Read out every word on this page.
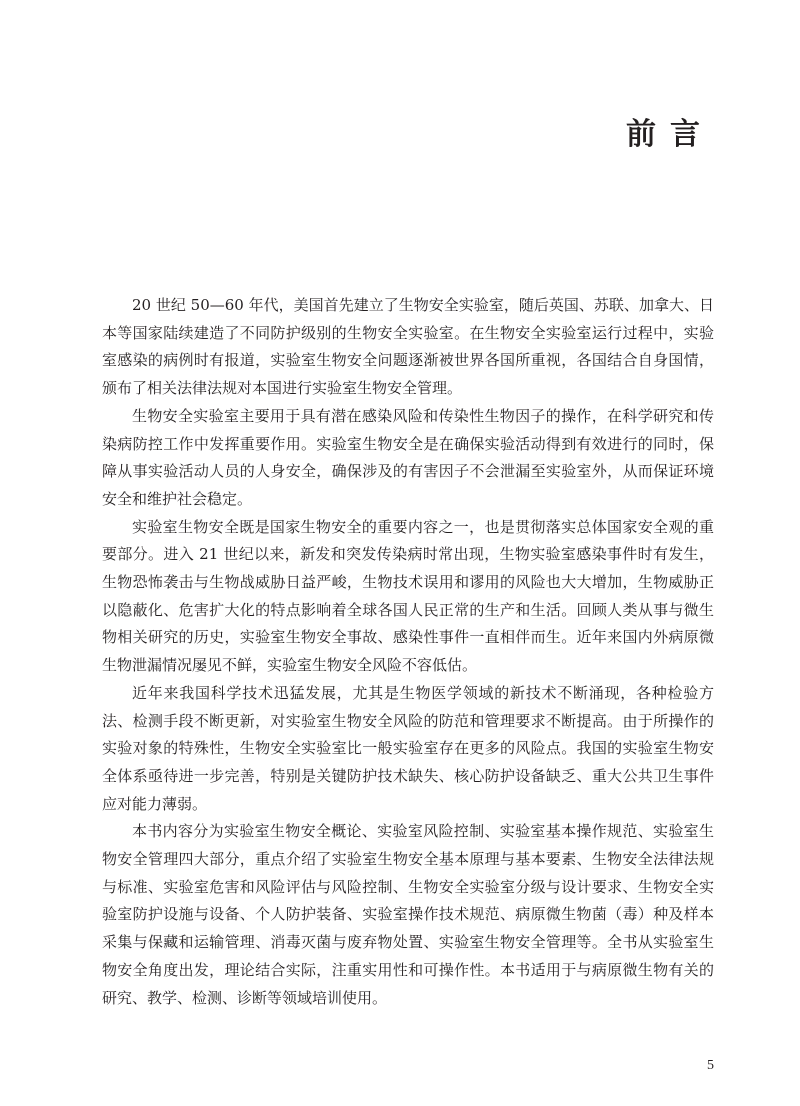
前言

20 世纪 50—60 年代，美国首先建立了生物安全实验室，随后英国、苏联、加拿大、日本等国家陆续建造了不同防护级别的生物安全实验室。在生物安全实验室运行过程中，实验室感染的病例时有报道，实验室生物安全问题逐渐被世界各国所重视，各国结合自身国情，颁布了相关法律法规对本国进行实验室生物安全管理。

生物安全实验室主要用于具有潜在感染风险和传染性生物因子的操作，在科学研究和传染病防控工作中发挥重要作用。实验室生物安全是在确保实验活动得到有效进行的同时，保障从事实验活动人员的人身安全，确保涉及的有害因子不会泄漏至实验室外，从而保证环境安全和维护社会稳定。

实验室生物安全既是国家生物安全的重要内容之一，也是贯彻落实总体国家安全观的重要部分。进入 21 世纪以来，新发和突发传染病时常出现，生物实验室感染事件时有发生，生物恐怖袭击与生物战威胁日益严峻，生物技术误用和谬用的风险也大大增加，生物威胁正以隐蔽化、危害扩大化的特点影响着全球各国人民正常的生产和生活。回顾人类从事与微生物相关研究的历史，实验室生物安全事故、感染性事件一直相伴而生。近年来国内外病原微生物泄漏情况屡见不鲜，实验室生物安全风险不容低估。

近年来我国科学技术迅猛发展，尤其是生物医学领域的新技术不断涌现，各种检验方法、检测手段不断更新，对实验室生物安全风险的防范和管理要求不断提高。由于所操作的实验对象的特殊性，生物安全实验室比一般实验室存在更多的风险点。我国的实验室生物安全体系亟待进一步完善，特别是关键防护技术缺失、核心防护设备缺乏、重大公共卫生事件应对能力薄弱。

本书内容分为实验室生物安全概论、实验室风险控制、实验室基本操作规范、实验室生物安全管理四大部分，重点介绍了实验室生物安全基本原理与基本要素、生物安全法律法规与标准、实验室危害和风险评估与风险控制、生物安全实验室分级与设计要求、生物安全实验室防护设施与设备、个人防护装备、实验室操作技术规范、病原微生物菌（毒）种及样本采集与保藏和运输管理、消毒灭菌与废弃物处置、实验室生物安全管理等。全书从实验室生物安全角度出发，理论结合实际，注重实用性和可操作性。本书适用于与病原微生物有关的研究、教学、检测、诊断等领域培训使用。

5
